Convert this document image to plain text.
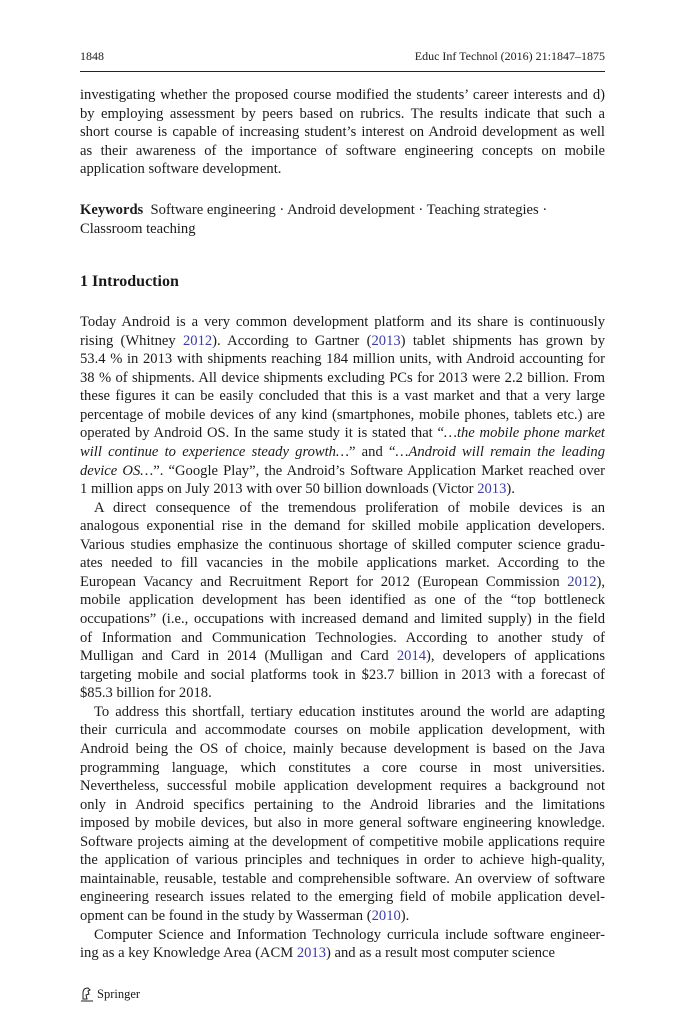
1848	Educ Inf Technol (2016) 21:1847–1875
investigating whether the proposed course modified the students’ career interests and d)
by employing assessment by peers based on rubrics. The results indicate that such a
short course is capable of increasing student’s interest on Android development as well
as their awareness of the importance of software engineering concepts on mobile
application software development.
Keywords Software engineering · Android development · Teaching strategies ·
Classroom teaching
1 Introduction
Today Android is a very common development platform and its share is continuously
rising (Whitney 2012). According to Gartner (2013) tablet shipments has grown by
53.4 % in 2013 with shipments reaching 184 million units, with Android accounting for
38 % of shipments. All device shipments excluding PCs for 2013 were 2.2 billion. From
these figures it can be easily concluded that this is a vast market and that a very large
percentage of mobile devices of any kind (smartphones, mobile phones, tablets etc.) are
operated by Android OS. In the same study it is stated that “…the mobile phone market
will continue to experience steady growth…” and “…Android will remain the leading
device OS…”. “Google Play”, the Android’s Software Application Market reached over
1 million apps on July 2013 with over 50 billion downloads (Victor 2013).
A direct consequence of the tremendous proliferation of mobile devices is an
analogous exponential rise in the demand for skilled mobile application developers.
Various studies emphasize the continuous shortage of skilled computer science gradu-
ates needed to fill vacancies in the mobile applications market. According to the
European Vacancy and Recruitment Report for 2012 (European Commission 2012),
mobile application development has been identified as one of the “top bottleneck
occupations” (i.e., occupations with increased demand and limited supply) in the field
of Information and Communication Technologies. According to another study of
Mulligan and Card in 2014 (Mulligan and Card 2014), developers of applications
targeting mobile and social platforms took in $23.7 billion in 2013 with a forecast of
$85.3 billion for 2018.
To address this shortfall, tertiary education institutes around the world are adapting
their curricula and accommodate courses on mobile application development, with
Android being the OS of choice, mainly because development is based on the Java
programming language, which constitutes a core course in most universities.
Nevertheless, successful mobile application development requires a background not
only in Android specifics pertaining to the Android libraries and the limitations
imposed by mobile devices, but also in more general software engineering knowledge.
Software projects aiming at the development of competitive mobile applications require
the application of various principles and techniques in order to achieve high-quality,
maintainable, reusable, testable and comprehensible software. An overview of software
engineering research issues related to the emerging field of mobile application devel-
opment can be found in the study by Wasserman (2010).
Computer Science and Information Technology curricula include software engineer-
ing as a key Knowledge Area (ACM 2013) and as a result most computer science
Springer
